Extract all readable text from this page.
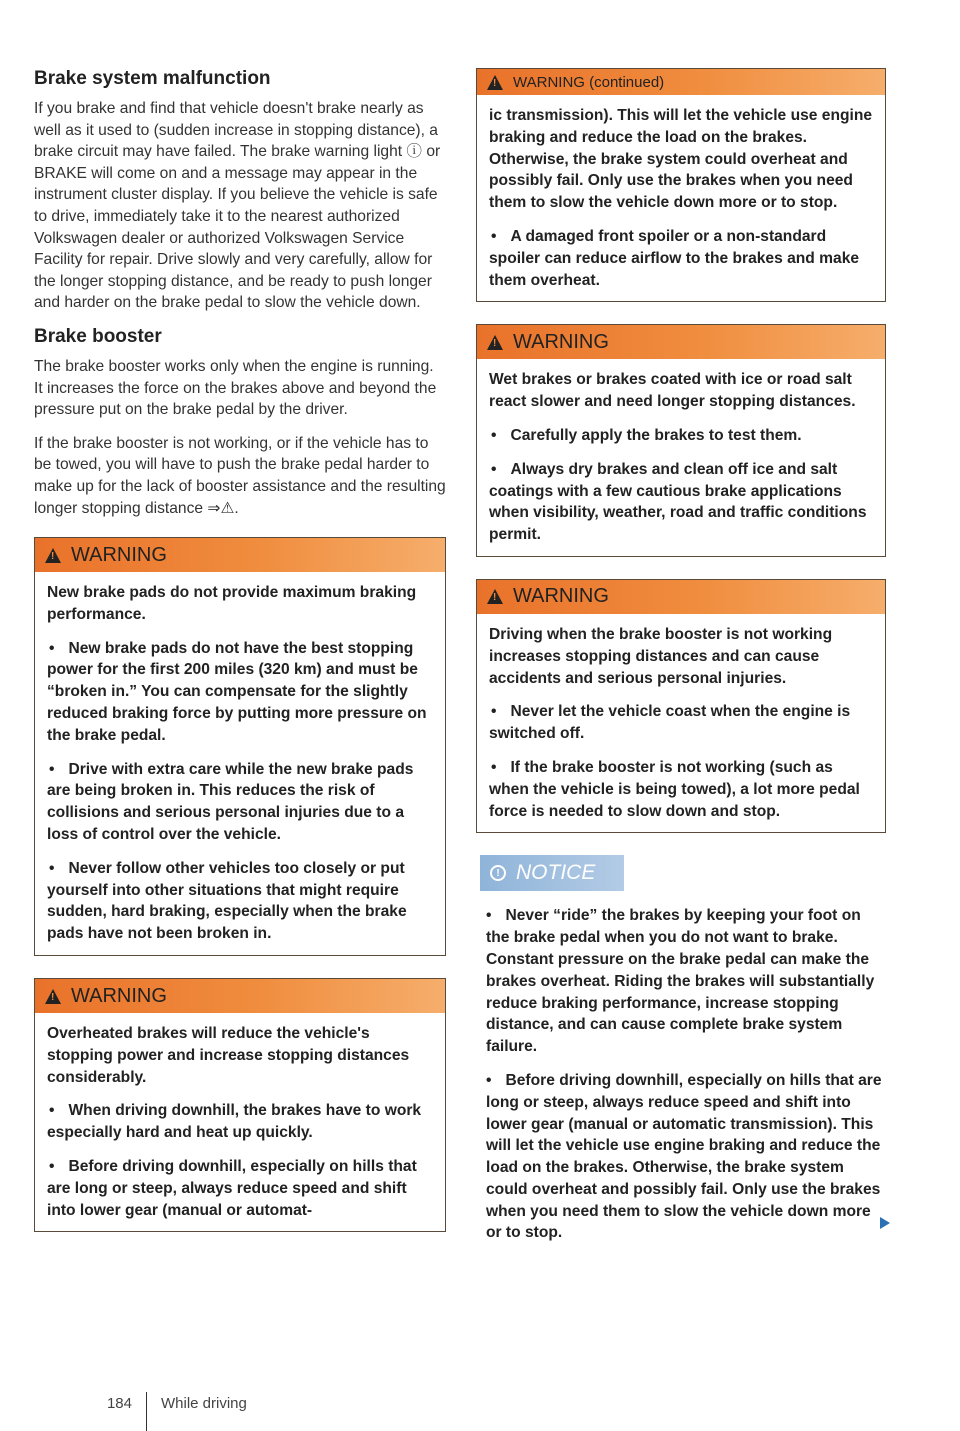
Brake system malfunction

If you brake and find that vehicle doesn't brake nearly as well as it used to (sudden increase in stopping distance), a brake circuit may have failed. The brake warning light ⓘ or BRAKE will come on and a message may appear in the instrument cluster display. If you believe the vehicle is safe to drive, immediately take it to the nearest authorized Volkswagen dealer or authorized Volkswagen Service Facility for repair. Drive slowly and very carefully, allow for the longer stopping distance, and be ready to push longer and harder on the brake pedal to slow the vehicle down.

Brake booster

The brake booster works only when the engine is running. It increases the force on the brakes above and beyond the pressure put on the brake pedal by the driver.

If the brake booster is not working, or if the vehicle has to be towed, you will have to push the brake pedal harder to make up for the lack of booster assistance and the resulting longer stopping distance ⇒⚠.

!
WARNING

New brake pads do not provide maximum braking performance.

• New brake pads do not have the best stopping power for the first 200 miles (320 km) and must be “broken in.” You can compensate for the slightly reduced braking force by putting more pressure on the brake pedal.
• Drive with extra care while the new brake pads are being broken in. This reduces the risk of collisions and serious personal injuries due to a loss of control over the vehicle.
• Never follow other vehicles too closely or put yourself into other situations that might require sudden, hard braking, especially when the brake pads have not been broken in.
!
WARNING

Overheated brakes will reduce the vehicle's stopping power and increase stopping distances considerably.

• When driving downhill, the brakes have to work especially hard and heat up quickly.
• Before driving downhill, especially on hills that are long or steep, always reduce speed and shift into lower gear (manual or automat-
!
WARNING (continued)

ic transmission). This will let the vehicle use engine braking and reduce the load on the brakes. Otherwise, the brake system could overheat and possibly fail. Only use the brakes when you need them to slow the vehicle down more or to stop.

• A damaged front spoiler or a non-standard spoiler can reduce airflow to the brakes and make them overheat.
!
WARNING

Wet brakes or brakes coated with ice or road salt react slower and need longer stopping distances.

• Carefully apply the brakes to test them.
• Always dry brakes and clean off ice and salt coatings with a few cautious brake applications when visibility, weather, road and traffic conditions permit.
!
WARNING

Driving when the brake booster is not working increases stopping distances and can cause accidents and serious personal injuries.

• Never let the vehicle coast when the engine is switched off.
• If the brake booster is not working (such as when the vehicle is being towed), a lot more pedal force is needed to slow down and stop.
! NOTICE
• Never “ride” the brakes by keeping your foot on the brake pedal when you do not want to brake. Constant pressure on the brake pedal can make the brakes overheat. Riding the brakes will substantially reduce braking performance, increase stopping distance, and can cause complete brake system failure.
• Before driving downhill, especially on hills that are long or steep, always reduce speed and shift into lower gear (manual or automatic transmission). This will let the vehicle use engine braking and reduce the load on the brakes. Otherwise, the brake system could overheat and possibly fail. Only use the brakes when you need them to slow the vehicle down more or to stop.
184 While driving
